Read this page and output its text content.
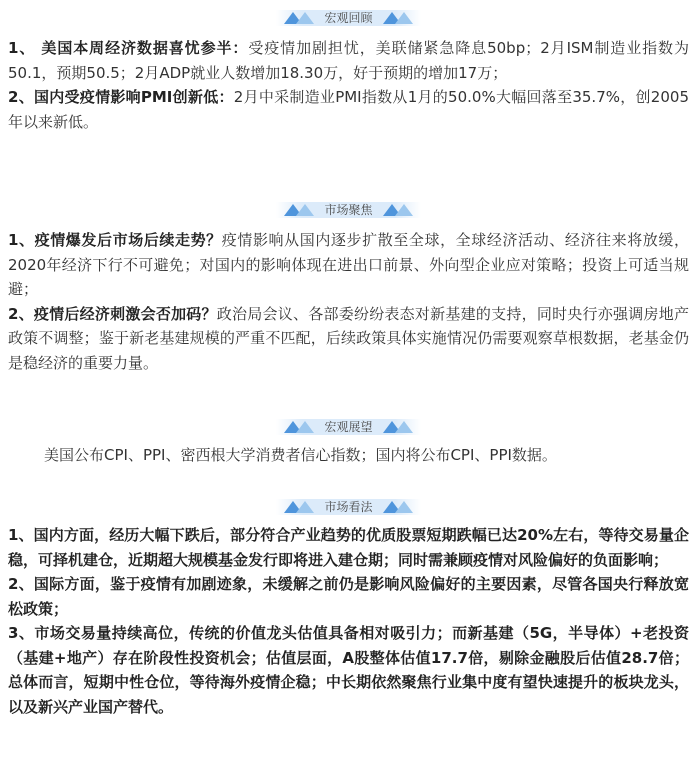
宏观回顾

1、 美国本周经济数据喜忧参半：受疫情加剧担忧，美联储紧急降息50bp；2月ISM制造业指数为50.1，预期50.5；2月ADP就业人数增加18.30万，好于预期的增加17万；

2、国内受疫情影响PMI创新低：2月中采制造业PMI指数从1月的50.0%大幅回落至35.7%，创2005年以来新低。

市场聚焦

1、疫情爆发后市场后续走势？疫情影响从国内逐步扩散至全球，全球经济活动、经济往来将放缓，2020年经济下行不可避免；对国内的影响体现在进出口前景、外向型企业应对策略；投资上可适当规避；

2、疫情后经济刺激会否加码？政治局会议、各部委纷纷表态对新基建的支持，同时央行亦强调房地产政策不调整；鉴于新老基建规模的严重不匹配，后续政策具体实施情况仍需要观察草根数据，老基金仍是稳经济的重要力量。

宏观展望

美国公布CPI、PPI、密西根大学消费者信心指数；国内将公布CPI、PPI数据。

市场看法

1、国内方面，经历大幅下跌后，部分符合产业趋势的优质股票短期跌幅已达20%左右，等待交易量企稳，可择机建仓，近期超大规模基金发行即将进入建仓期；同时需兼顾疫情对风险偏好的负面影响；

2、国际方面，鉴于疫情有加剧迹象，未缓解之前仍是影响风险偏好的主要因素，尽管各国央行释放宽松政策；

3、市场交易量持续高位，传统的价值龙头估值具备相对吸引力；而新基建（5G，半导体）+老投资（基建+地产）存在阶段性投资机会；估值层面，A股整体估值17.7倍，剔除金融股后估值28.7倍；总体而言，短期中性仓位，等待海外疫情企稳；中长期依然聚焦行业集中度有望快速提升的板块龙头，以及新兴产业国产替代。
